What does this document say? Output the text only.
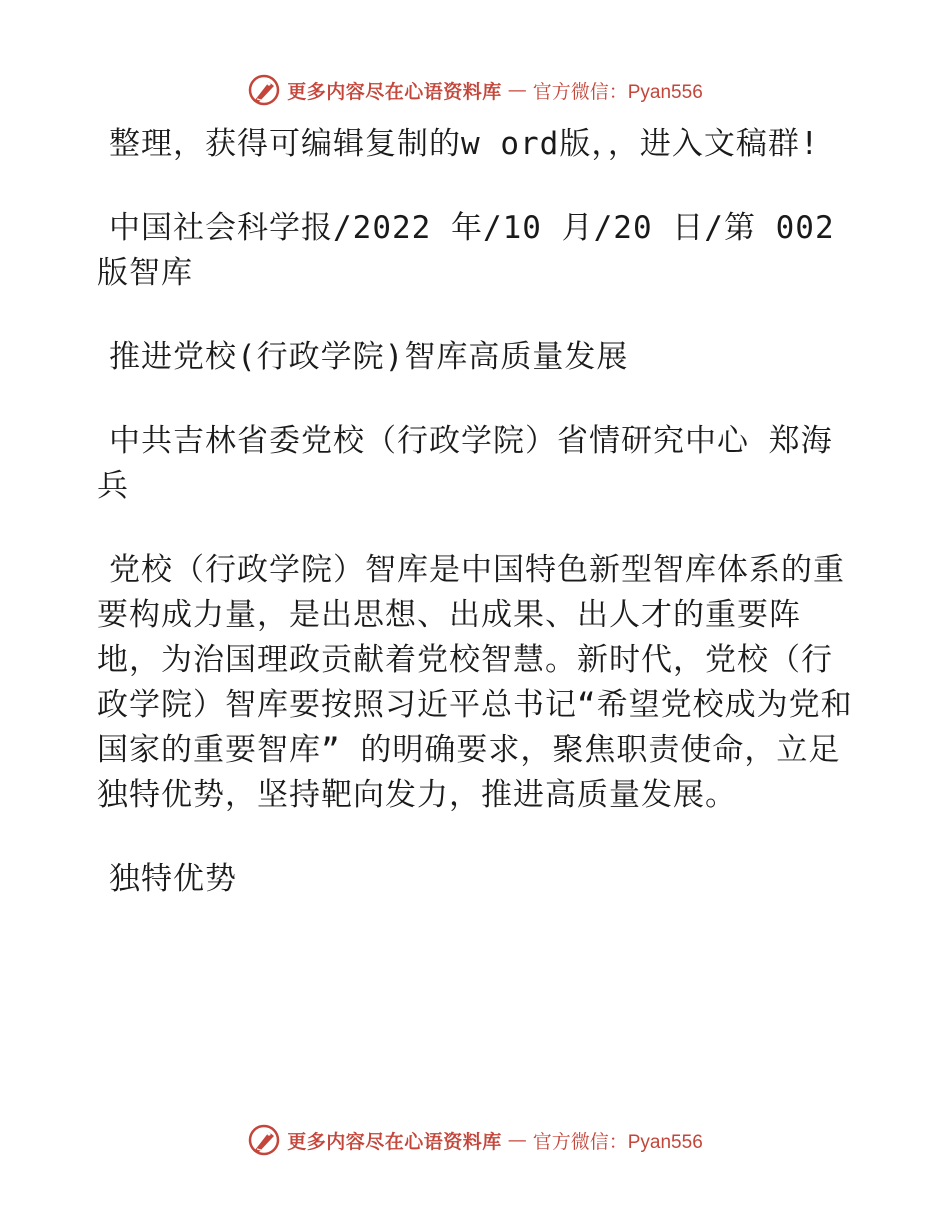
更多内容尽在心语资料库 — 官方微信：Pyan556

整理，获得可编辑复制的w ord版，，进入文稿群!

中国社会科学报/2022 年/10 月/20 日/第 002 版智库

推进党校(行政学院)智库高质量发展

中共吉林省委党校（行政学院）省情研究中心 郑海兵

党校（行政学院）智库是中国特色新型智库体系的重要构成力量，是出思想、出成果、出人才的重要阵地，为治国理政贡献着党校智慧。新时代，党校（行政学院）智库要按照习近平总书记“希望党校成为党和国家的重要智库” 的明确要求，聚焦职责使命，立足独特优势，坚持靶向发力，推进高质量发展。

独特优势

更多内容尽在心语资料库 — 官方微信：Pyan556
